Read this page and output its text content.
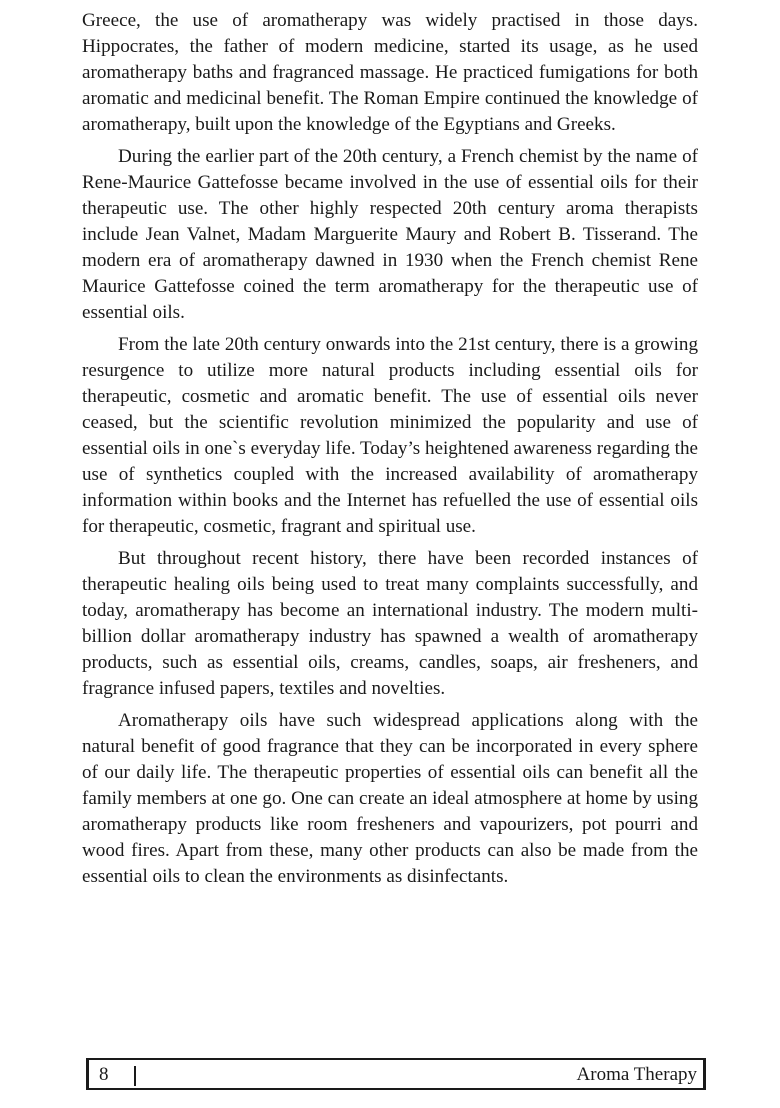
Greece, the use of aromatherapy was widely practised in those days. Hippocrates, the father of modern medicine, started its usage, as he used aromatherapy baths and fragranced massage. He practiced fumigations for both aromatic and medicinal benefit. The Roman Empire continued the knowledge of aromatherapy, built upon the knowledge of the Egyptians and Greeks.

During the earlier part of the 20th century, a French chemist by the name of Rene-Maurice Gattefosse became involved in the use of essential oils for their therapeutic use. The other highly respected 20th century aroma therapists include Jean Valnet, Madam Marguerite Maury and Robert B. Tisserand. The modern era of aromatherapy dawned in 1930 when the French chemist Rene Maurice Gattefosse coined the term aromatherapy for the therapeutic use of essential oils.

From the late 20th century onwards into the 21st century, there is a growing resurgence to utilize more natural products including essential oils for therapeutic, cosmetic and aromatic benefit. The use of essential oils never ceased, but the scientific revolution minimized the popularity and use of essential oils in one`s everyday life. Today’s heightened awareness regarding the use of synthetics coupled with the increased availability of aromatherapy information within books and the Internet has refuelled the use of essential oils for therapeutic, cosmetic, fragrant and spiritual use.

But throughout recent history, there have been recorded instances of therapeutic healing oils being used to treat many complaints successfully, and today, aromatherapy has become an international industry. The modern multi-billion dollar aromatherapy industry has spawned a wealth of aromatherapy products, such as essential oils, creams, candles, soaps, air fresheners, and fragrance infused papers, textiles and novelties.

Aromatherapy oils have such widespread applications along with the natural benefit of good fragrance that they can be incorporated in every sphere of our daily life. The therapeutic properties of essential oils can benefit all the family members at one go. One can create an ideal atmosphere at home by using aromatherapy products like room fresheners and vapourizers, pot pourri and wood fires. Apart from these, many other products can also be made from the essential oils to clean the environments as disinfectants.

8	Aroma Therapy
